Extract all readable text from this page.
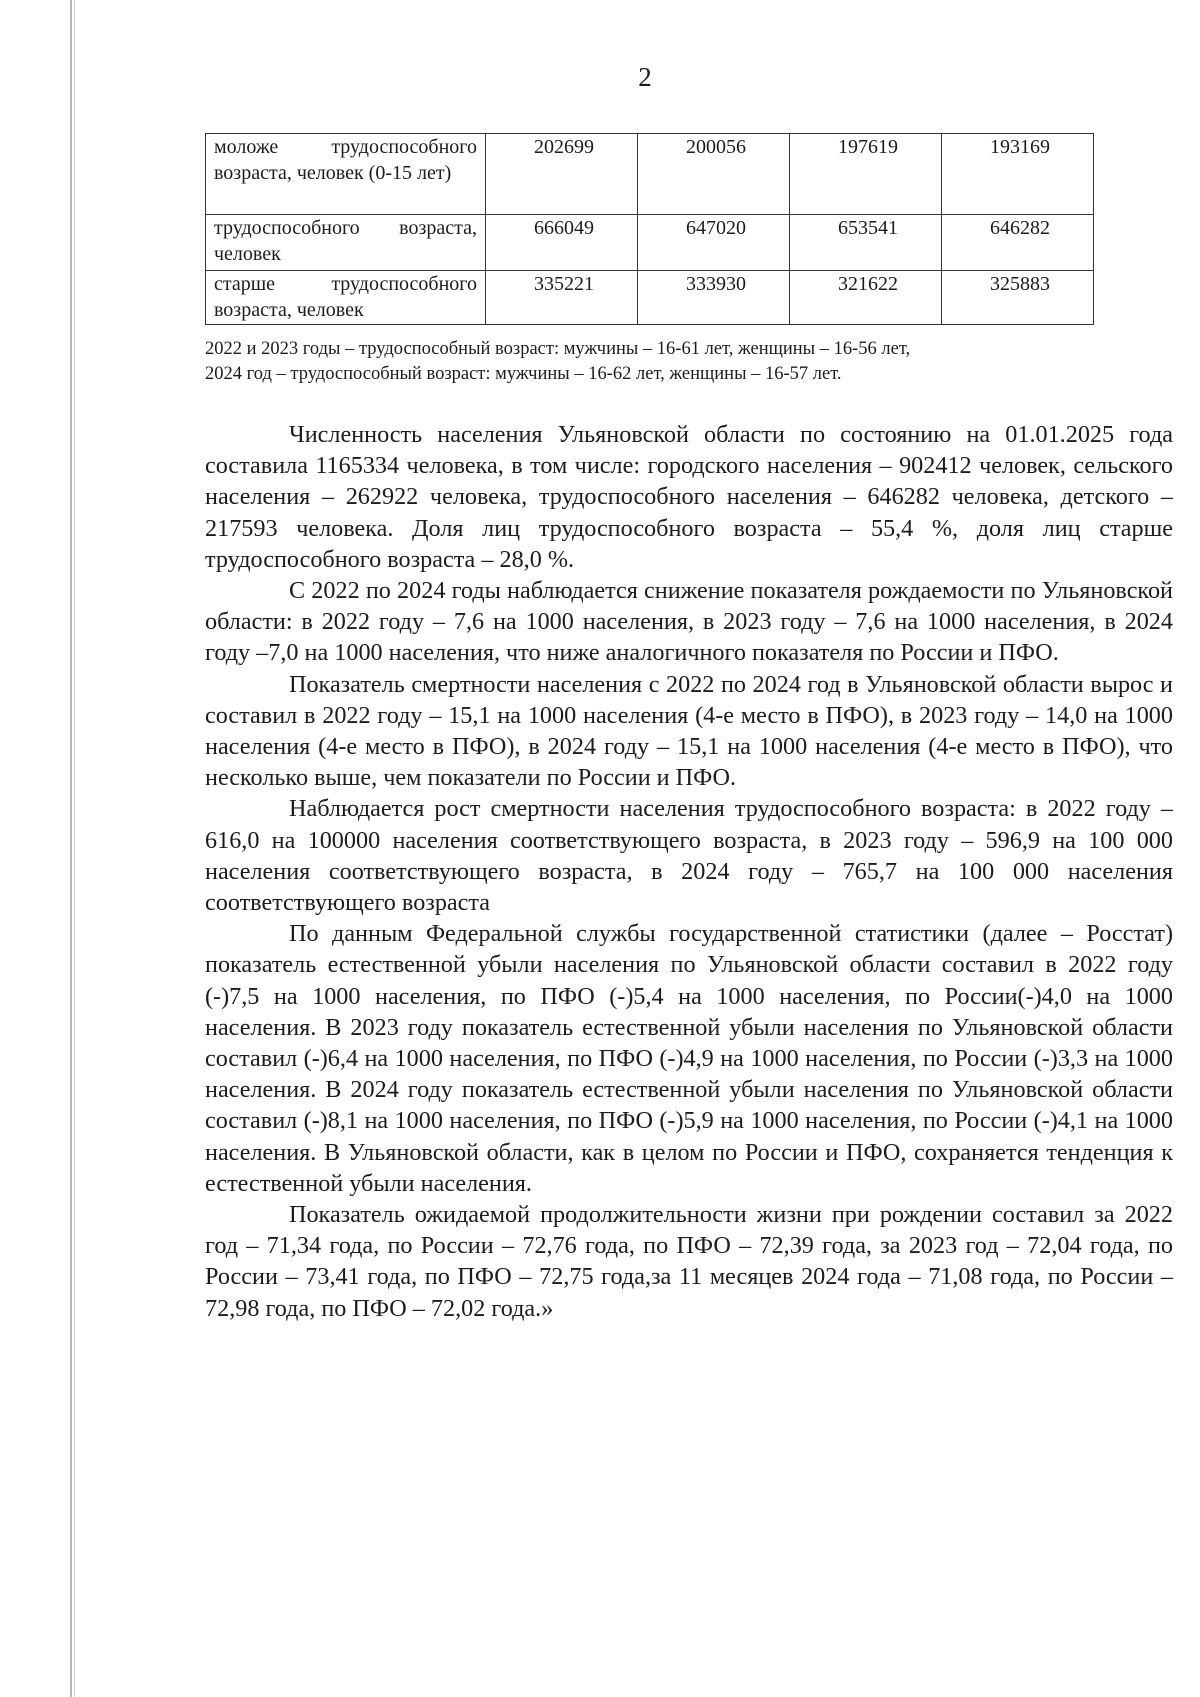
2
моложе трудоспособного возраста, человек (0-15 лет)	202699	200056	197619	193169
трудоспособного возраста, человек	666049	647020	653541	646282
старше трудоспособного возраста, человек	335221	333930	321622	325883
2022 и 2023 годы – трудоспособный возраст: мужчины – 16-61 лет, женщины – 16-56 лет,
2024 год – трудоспособный возраст: мужчины – 16-62 лет, женщины – 16-57 лет.

Численность населения Ульяновской области по состоянию на 01.01.2025 года составила 1165334 человека, в том числе: городского населения – 902412 человек, сельского населения – 262922 человека, трудоспособного населения – 646282 человека, детского – 217593 человека. Доля лиц трудоспособного возраста – 55,4 %, доля лиц старше трудоспособного возраста – 28,0 %.

С 2022 по 2024 годы наблюдается снижение показателя рождаемости по Ульяновской области: в 2022 году – 7,6 на 1000 населения, в 2023 году – 7,6 на 1000 населения, в 2024 году –7,0 на 1000 населения, что ниже аналогичного показателя по России и ПФО.

Показатель смертности населения с 2022 по 2024 год в Ульяновской области вырос и составил в 2022 году – 15,1 на 1000 населения (4-е место в ПФО), в 2023 году – 14,0 на 1000 населения (4-е место в ПФО), в 2024 году – 15,1 на 1000 населения (4-е место в ПФО), что несколько выше, чем показатели по России и ПФО.

Наблюдается рост смертности населения трудоспособного возраста: в 2022 году – 616,0 на 100000 населения соответствующего возраста, в 2023 году – 596,9 на 100 000 населения соответствующего возраста, в 2024 году – 765,7 на 100 000 населения соответствующего возраста

По данным Федеральной службы государственной статистики (далее – Росстат) показатель естественной убыли населения по Ульяновской области составил в 2022 году (-)7,5 на 1000 населения, по ПФО (-)5,4 на 1000 населения, по России(-)4,0 на 1000 населения. В 2023 году показатель естественной убыли населения по Ульяновской области составил (-)6,4 на 1000 населения, по ПФО (-)4,9 на 1000 населения, по России (-)3,3 на 1000 населения. В 2024 году показатель естественной убыли населения по Ульяновской области составил (-)8,1 на 1000 населения, по ПФО (-)5,9 на 1000 населения, по России (-)4,1 на 1000 населения. В Ульяновской области, как в целом по России и ПФО, сохраняется тенденция к естественной убыли населения.

Показатель ожидаемой продолжительности жизни при рождении составил за 2022 год – 71,34 года, по России – 72,76 года, по ПФО – 72,39 года, за 2023 год – 72,04 года, по России – 73,41 года, по ПФО – 72,75 года,за 11 месяцев 2024 года – 71,08 года, по России – 72,98 года, по ПФО – 72,02 года.»
